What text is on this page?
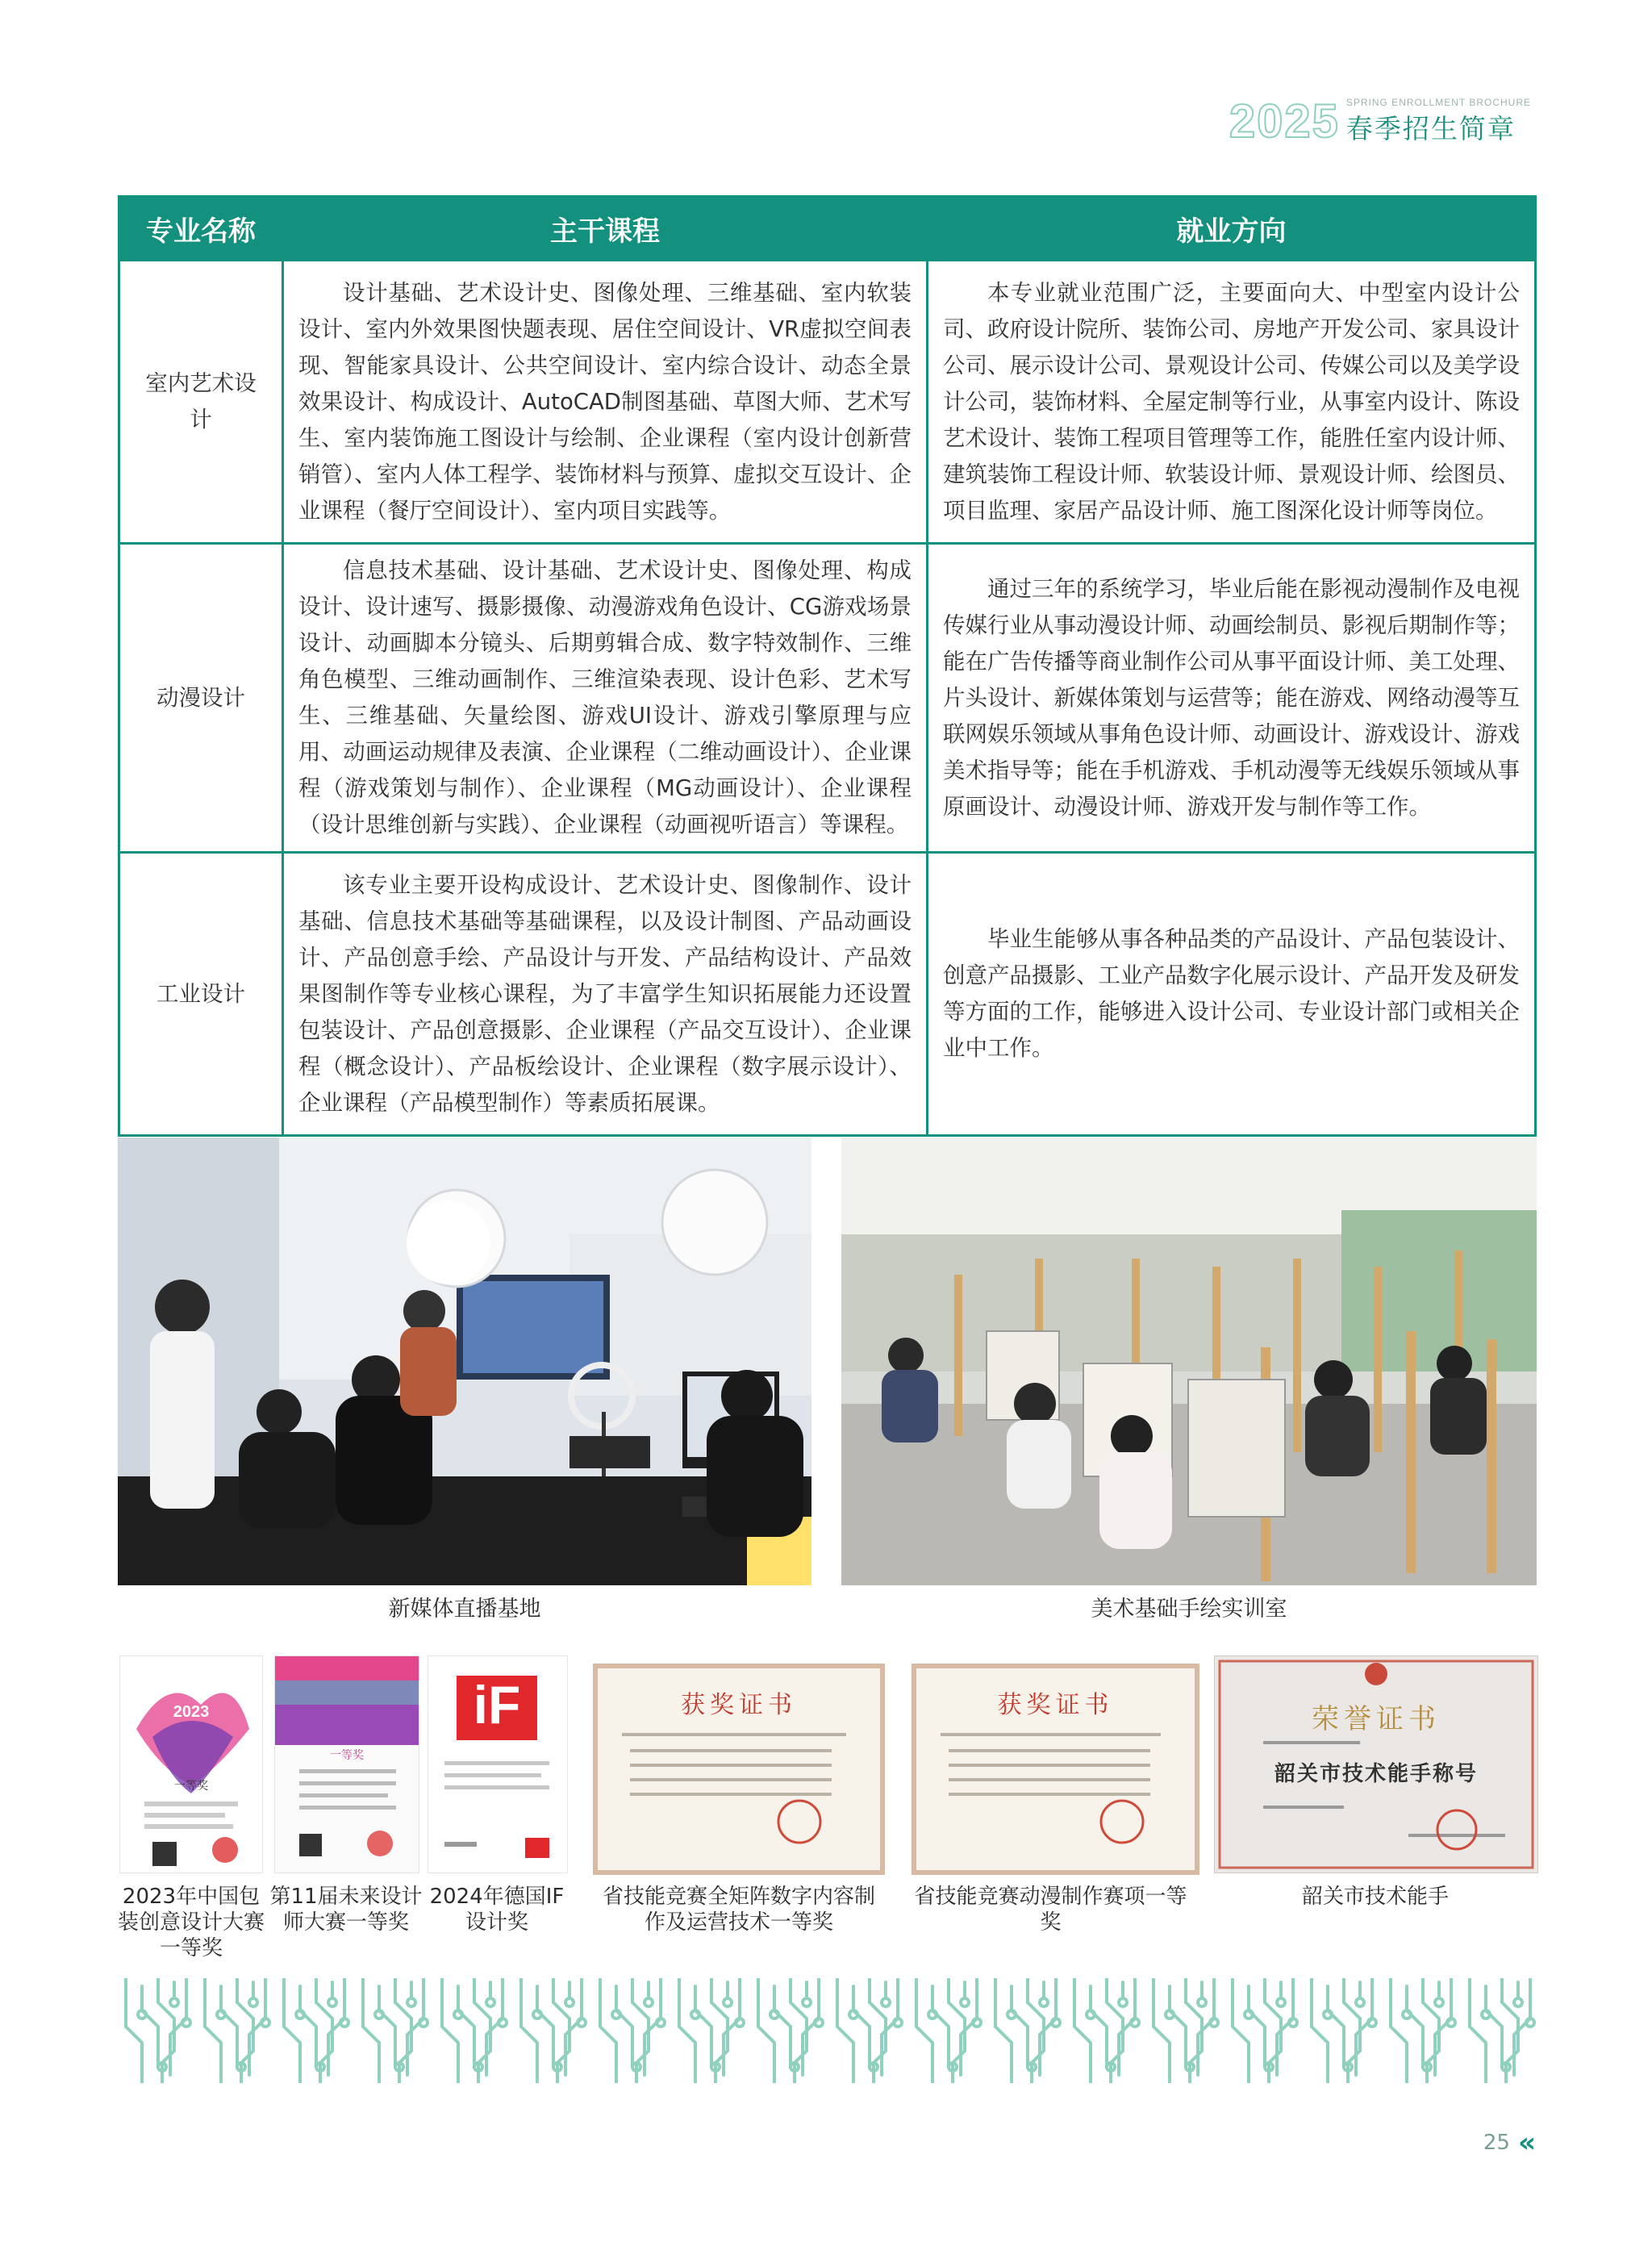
2025 SPRING ENROLLMENT BROCHURE
春季招生简章
专业名称	主干课程	就业方向
室内艺术设计	设计基础、艺术设计史、图像处理、三维基础、室内软装设计、室内外效果图快题表现、居住空间设计、VR虚拟空间表现、智能家具设计、公共空间设计、室内综合设计、动态全景效果设计、构成设计、AutoCAD制图基础、草图大师、艺术写生、室内装饰施工图设计与绘制、企业课程（室内设计创新营销管）、室内人体工程学、装饰材料与预算、虚拟交互设计、企业课程（餐厅空间设计）、室内项目实践等。	本专业就业范围广泛，主要面向大、中型室内设计公司、政府设计院所、装饰公司、房地产开发公司、家具设计公司、展示设计公司、景观设计公司、传媒公司以及美学设计公司，装饰材料、全屋定制等行业，从事室内设计、陈设艺术设计、装饰工程项目管理等工作，能胜任室内设计师、建筑装饰工程设计师、软装设计师、景观设计师、绘图员、项目监理、家居产品设计师、施工图深化设计师等岗位。

动漫设计	信息技术基础、设计基础、艺术设计史、图像处理、构成设计、设计速写、摄影摄像、动漫游戏角色设计、CG游戏场景设计、动画脚本分镜头、后期剪辑合成、数字特效制作、三维角色模型、三维动画制作、三维渲染表现、设计色彩、艺术写生、三维基础、矢量绘图、游戏UI设计、游戏引擎原理与应用、动画运动规律及表演、企业课程（二维动画设计）、企业课程（游戏策划与制作）、企业课程（MG动画设计）、企业课程（设计思维创新与实践）、企业课程（动画视听语言）等课程。	通过三年的系统学习，毕业后能在影视动漫制作及电视传媒行业从事动漫设计师、动画绘制员、影视后期制作等；能在广告传播等商业制作公司从事平面设计师、美工处理、片头设计、新媒体策划与运营等；能在游戏、网络动漫等互联网娱乐领域从事角色设计师、动画设计、游戏设计、游戏美术指导等；能在手机游戏、手机动漫等无线娱乐领域从事原画设计、动漫设计师、游戏开发与制作等工作。

工业设计	该专业主要开设构成设计、艺术设计史、图像制作、设计基础、信息技术基础等基础课程，以及设计制图、产品动画设计、产品创意手绘、产品设计与开发、产品结构设计、产品效果图制作等专业核心课程，为了丰富学生知识拓展能力还设置包装设计、产品创意摄影、企业课程（产品交互设计）、企业课程（概念设计）、产品板绘设计、企业课程（数字展示设计）、企业课程（产品模型制作）等素质拓展课。	毕业生能够从事各种品类的产品设计、产品包装设计、创意产品摄影、工业产品数字化展示设计、产品开发及研发等方面的工作，能够进入设计公司、专业设计部门或相关企业中工作。

新媒体直播基地	美术基础手绘实训室
2023
一等奖
2023年中国包装创意设计大赛一等奖
一等奖
第11届未来设计师大赛一等奖
iF
2024年德国IF设计奖
获奖证书
省技能竞赛全矩阵数字内容制作及运营技术一等奖
获奖证书
省技能竞赛动漫制作赛项一等奖
荣誉证书
韶关市技术能手称号
韶关市技术能手
25 ‹‹
